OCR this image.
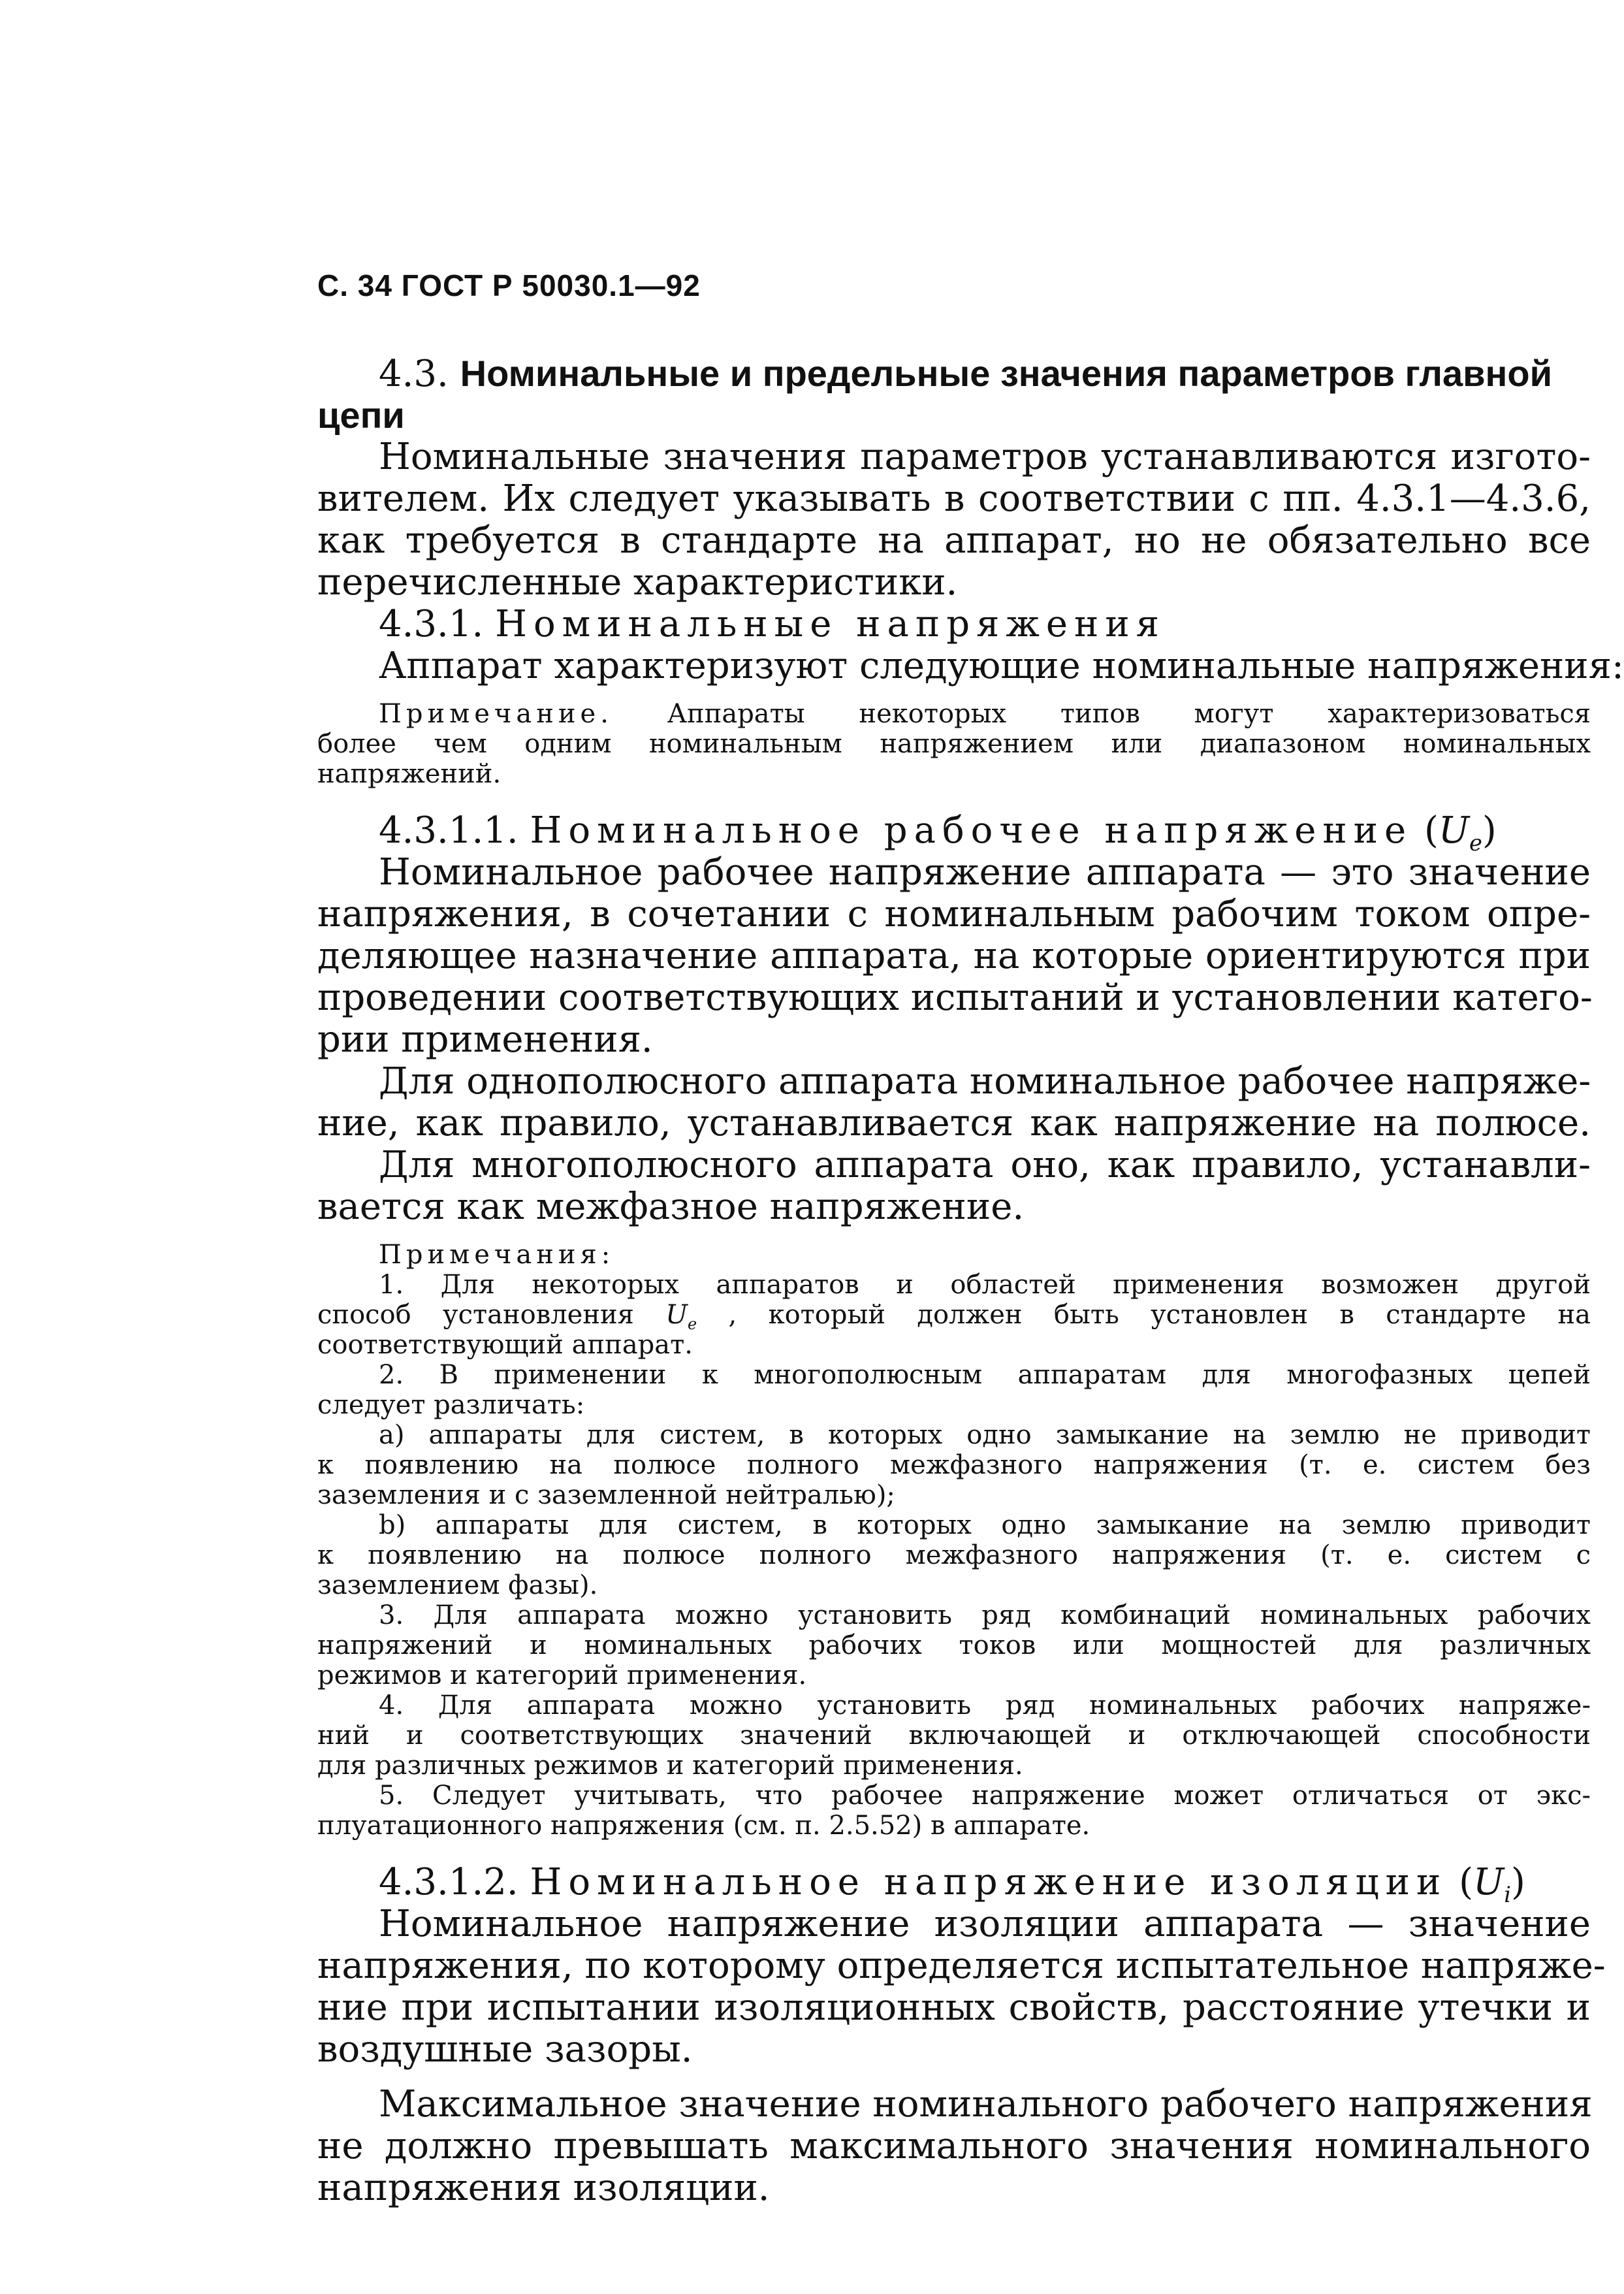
С. 34 ГОСТ Р 50030.1—92
4.3. Номинальные и предельные значения параметров главной
цепи
Номинальные значения параметров устанавливаются изгото-
вителем. Их следует указывать в соответствии с пп. 4.3.1—4.3.6,
как требуется в стандарте на аппарат, но не обязательно все
перечисленные характеристики.
4.3.1. Номинальные напряжения
Аппарат характеризуют следующие номинальные напряжения:
Примечание. Аппараты некоторых типов могут характеризоваться
более чем одним номинальным напряжением или диапазоном номинальных
напряжений.
4.3.1.1. Номинальное рабочее напряжение $(U_e)$
Номинальное рабочее напряжение аппарата — это значение
напряжения, в сочетании с номинальным рабочим током опре-
деляющее назначение аппарата, на которые ориентируются при
проведении соответствующих испытаний и установлении катего-
рии применения.
Для однополюсного аппарата номинальное рабочее напряже-
ние, как правило, устанавливается как напряжение на полюсе.
Для многополюсного аппарата оно, как правило, устанавли-
вается как межфазное напряжение.
Примечания:
1. Для некоторых аппаратов и областей применения возможен другой
способ установления $U_e$ , который должен быть установлен в стандарте на
соответствующий аппарат.
2. В применении к многополюсным аппаратам для многофазных цепей
следует различать:
а) аппараты для систем, в которых одно замыкание на землю не приводит
к появлению на полюсе полного межфазного напряжения (т. е. систем без
заземления и с заземленной нейтралью);
b) аппараты для систем, в которых одно замыкание на землю приводит
к появлению на полюсе полного межфазного напряжения (т. е. систем с
заземлением фазы).
3. Для аппарата можно установить ряд комбинаций номинальных рабочих
напряжений и номинальных рабочих токов или мощностей для различных
режимов и категорий применения.
4. Для аппарата можно установить ряд номинальных рабочих напряже-
ний и соответствующих значений включающей и отключающей способности
для различных режимов и категорий применения.
5. Следует учитывать, что рабочее напряжение может отличаться от экс-
плуатационного напряжения (см. п. 2.5.52) в аппарате.
4.3.1.2. Номинальное напряжение изоляции $(U_i)$
Номинальное напряжение изоляции аппарата — значение
напряжения, по которому определяется испытательное напряже-
ние при испытании изоляционных свойств, расстояние утечки и
воздушные зазоры.
Максимальное значение номинального рабочего напряжения
не должно превышать максимального значения номинального
напряжения изоляции.
